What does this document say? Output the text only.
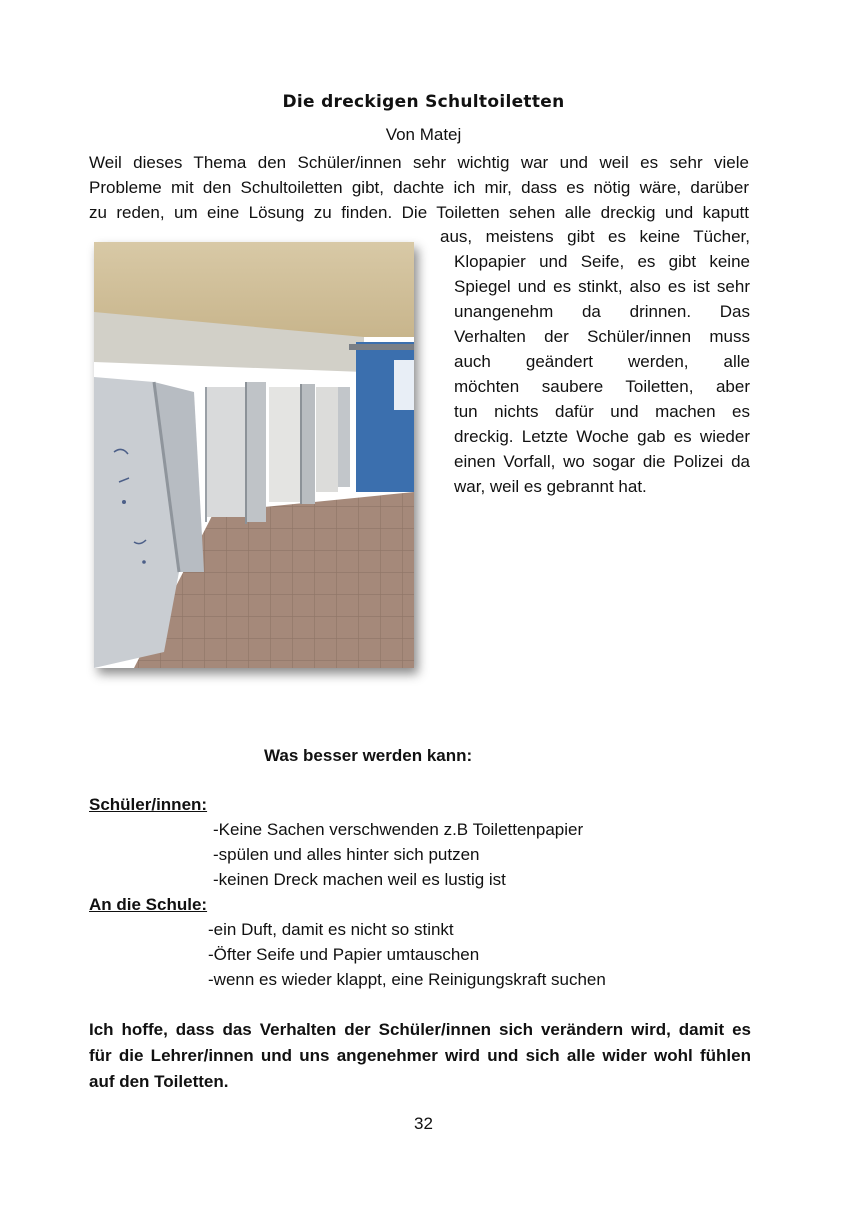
Die dreckigen Schultoiletten
Von Matej
Weil dieses Thema den Schüler/innen sehr wichtig war und weil es sehr viele
Probleme mit den Schultoiletten gibt, dachte ich mir, dass es nötig wäre, darüber
zu reden, um eine Lösung zu finden. Die Toiletten sehen alle dreckig und kaputt
aus, meistens gibt es keine Tücher,
Klopapier und Seife, es gibt keine
Spiegel und es stinkt, also es ist sehr
unangenehm da drinnen. Das
Verhalten der Schüler/innen muss
auch geändert werden, alle
möchten saubere Toiletten, aber
tun nichts dafür und machen es
dreckig. Letzte Woche gab es wieder
einen Vorfall, wo sogar die Polizei da
war, weil es gebrannt hat.
Was besser werden kann:
Schüler/innen:
-Keine Sachen verschwenden z.B Toilettenpapier
-spülen und alles hinter sich putzen
-keinen Dreck machen weil es lustig ist
An die Schule:
-ein Duft, damit es nicht so stinkt
-Öfter Seife und Papier umtauschen
-wenn es wieder klappt, eine Reinigungskraft suchen
Ich hoffe, dass das Verhalten der Schüler/innen sich verändern wird, damit es
für die Lehrer/innen und uns angenehmer wird und sich alle wider wohl fühlen
auf den Toiletten.
32
